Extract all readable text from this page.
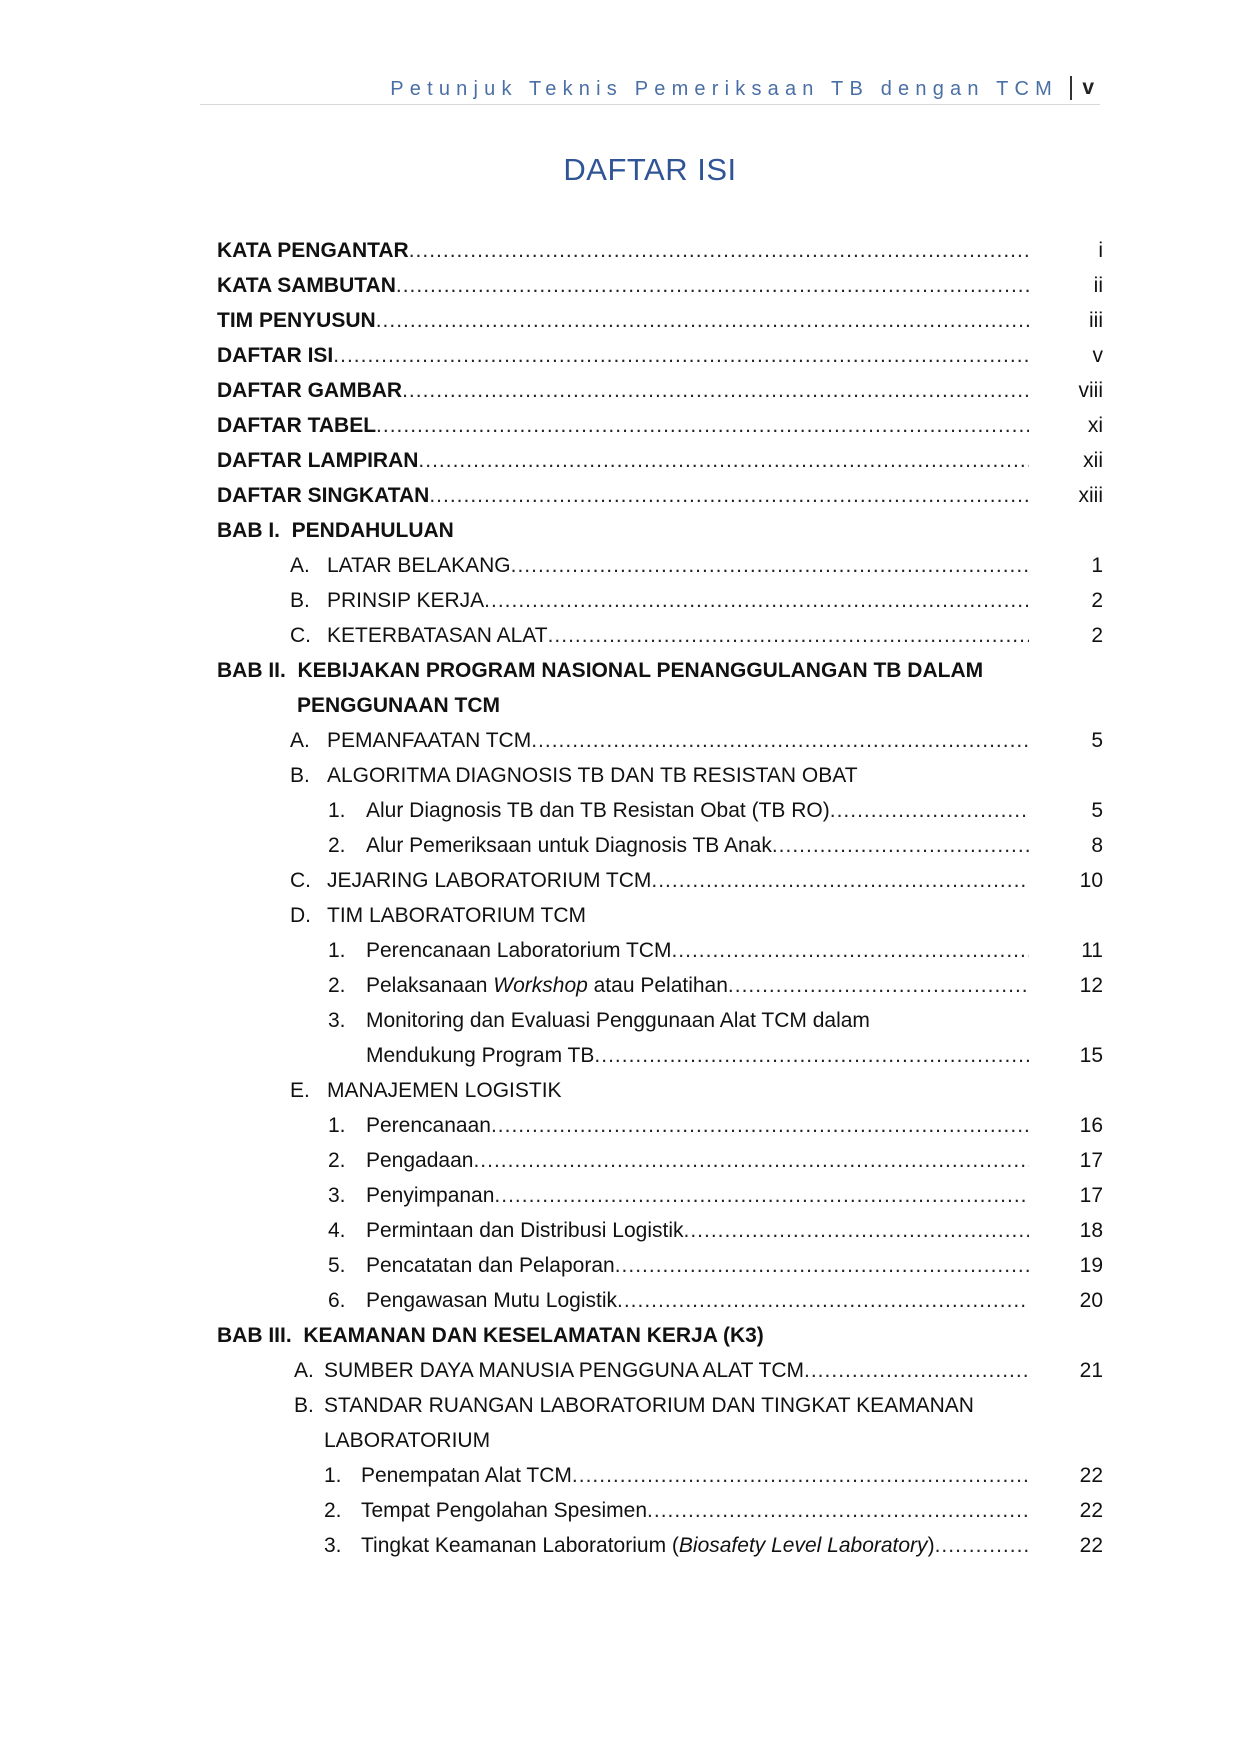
Petunjuk Teknis Pemeriksaan TB dengan TCM v
DAFTAR ISI
KATA PENGANTAR .....	i
KATA SAMBUTAN .....	ii
TIM PENYUSUN .....	iii
DAFTAR ISI .....	v
DAFTAR GAMBAR .....	viii
DAFTAR TABEL .....	xi
DAFTAR LAMPIRAN .....	xii
DAFTAR SINGKATAN .....	xiii
BAB I.  PENDAHULUAN
A. LATAR BELAKANG .....	1
B. PRINSIP KERJA .....	2
C. KETERBATASAN ALAT .....	2
BAB II.  KEBIJAKAN PROGRAM NASIONAL PENANGGULANGAN TB DALAM
PENGGUNAAN TCM
A. PEMANFAATAN TCM .....	5
B. ALGORITMA DIAGNOSIS TB DAN TB RESISTAN OBAT
1. Alur Diagnosis TB dan TB Resistan Obat (TB RO) .....	5
2. Alur Pemeriksaan untuk Diagnosis TB Anak .....	8
C. JEJARING LABORATORIUM TCM .....	10
D. TIM LABORATORIUM TCM
1. Perencanaan Laboratorium TCM .....	11
2. Pelaksanaan Workshop atau Pelatihan .....	12
3. Monitoring dan Evaluasi Penggunaan Alat TCM dalam
Mendukung Program TB .....	15
E. MANAJEMEN LOGISTIK
1. Perencanaan .....	16
2. Pengadaan .....	17
3. Penyimpanan .....	17
4. Permintaan dan Distribusi Logistik .....	18
5. Pencatatan dan Pelaporan .....	19
6. Pengawasan Mutu Logistik .....	20
BAB III.  KEAMANAN DAN KESELAMATAN KERJA (K3)
A. SUMBER DAYA MANUSIA PENGGUNA ALAT TCM .....	21
B. STANDAR RUANGAN LABORATORIUM DAN TINGKAT KEAMANAN
LABORATORIUM
1. Penempatan Alat TCM .....	22
2. Tempat Pengolahan Spesimen .....	22
3. Tingkat Keamanan Laboratorium (Biosafety Level Laboratory) .....	22
